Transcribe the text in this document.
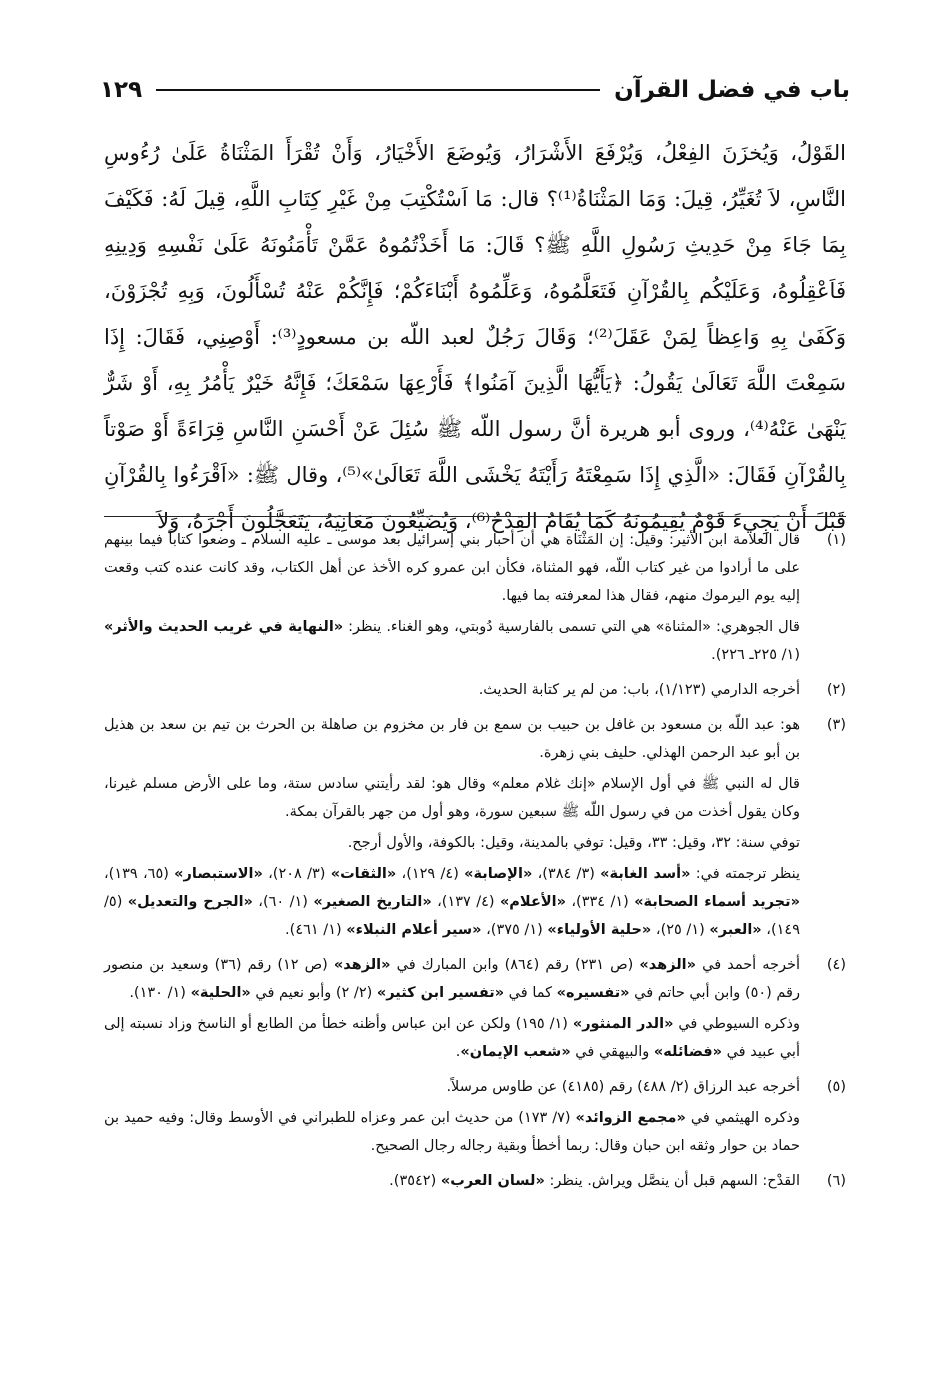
باب في فضل القرآن
١٢٩

القَوْلُ، وَيُخزَنَ الفِعْلُ، وَيُرْفَعَ الأَشْرَارُ، وَيُوضَعَ الأَخْيَارُ، وَأَنْ تُقْرَأَ المَثْنَاةُ عَلَىٰ رُءُوسِ النَّاسِ، لاَ تُغَيِّرُ، قِيلَ: وَمَا المَثْنَاةُ⁽¹⁾؟ قال: مَا اَسْتُكْتِبَ مِنْ غَيْرِ كِتَابِ اللَّهِ، قِيلَ لَهُ: فَكَيْفَ بِمَا جَاءَ مِنْ حَدِيثِ رَسُولِ اللَّهِ ﷺ؟ قَالَ: مَا أَخَذْتُمُوهُ عَمَّنْ تَأْمَنُونَهُ عَلَىٰ نَفْسِهِ وَدِينِهِ فَاَعْقِلُوهُ، وَعَلَيْكُم بِالقُرْآنِ فَتَعَلَّمُوهُ، وَعَلِّمُوهُ أَبْنَاءَكُمْ؛ فَإِنَّكُمْ عَنْهُ تُسْأَلُونَ، وَبِهِ تُجْزَوْنَ، وَكَفَىٰ بِهِ وَاعِظاً لِمَنْ عَقَلَ⁽²⁾؛ وَقَالَ رَجُلٌ لعبد اللّه بن مسعودٍ⁽³⁾: أَوْصِنِي، فَقَالَ: إِذَا سَمِعْتَ اللَّهَ تَعَالَىٰ يَقُولُ: ﴿يَأَيُّهَا الَّذِينَ آمَنُوا﴾ فَأَرْعِهَا سَمْعَكَ؛ فَإِنَّهُ خَيْرٌ يَأْمُرُ بِهِ، أَوْ شَرٌّ يَنْهَىٰ عَنْهُ⁽⁴⁾، وروى أبو هريرة أنَّ رسول اللّه ﷺ سُئِلَ عَنْ أَحْسَنِ النَّاسِ قِرَاءَةً أَوْ صَوْتاً بِالقُرْآنِ فَقَالَ: «الَّذِي إِذَا سَمِعْتَهُ رَأَيْتَهُ يَخْشَى اللَّهَ تَعَالَىٰ»⁽⁵⁾، وقال ﷺ: «اَقْرَءُوا بِالقُرْآنِ قَبْلَ أَنْ يَجِيءَ قَوْمٌ يُقِيمُونَهُ كَمَا يُقَامُ القِدْحُ⁽⁶⁾، وَيُضَيِّعُونَ مَعَانِيَهُ، يَتَعَجَّلُونَ أَجْرَهُ، وَلاَ

(١)

قال العلامة ابن الأثير: وقيل: إن المَثْنَاة هي أن أحبار بني إسرائيل بعد موسى ـ عليه السلام ـ وضعوا كتاباً فيما بينهم على ما أرادوا من غير كتاب اللّه، فهو المثناة، فكأن ابن عمرو كره الأخذ عن أهل الكتاب، وقد كانت عنده كتب وقعت إليه يوم اليرموك منهم، فقال هذا لمعرفته بما فيها.

قال الجوهري: «المثناة» هي التي تسمى بالفارسية دُوبتي، وهو الغناء. ينظر: «النهاية في غريب الحديث والأثر» (١/ ٢٢٥ـ ٢٢٦).

(٢)

أخرجه الدارمي (١/١٢٣)، باب: من لم ير كتابة الحديث.

(٣)

هو: عبد اللّه بن مسعود بن غافل بن حبيب بن سمع بن فار بن مخزوم بن صاهلة بن الحرث بن تيم بن سعد بن هذيل بن أبو عبد الرحمن الهذلي. حليف بني زهرة.

قال له النبي ﷺ في أول الإسلام «إنك غلام معلم» وقال هو: لقد رأيتني سادس ستة، وما على الأرض مسلم غيرنا، وكان يقول أخذت من في رسول اللّه ﷺ سبعين سورة، وهو أول من جهر بالقرآن بمكة.

توفي سنة: ٣٢، وقيل: ٣٣، وقيل: توفي بالمدينة، وقيل: بالكوفة، والأول أرجح.

ينظر ترجمته في: «أسد الغابة» (٣/ ٣٨٤)، «الإصابة» (٤/ ١٢٩)، «الثقات» (٣/ ٢٠٨)، «الاستبصار» (٦٥، ١٣٩)، «تجريد أسماء الصحابة» (١/ ٣٣٤)، «الأعلام» (٤/ ١٣٧)، «التاريخ الصغير» (١/ ٦٠)، «الجرح والتعديل» (٥/ ١٤٩)، «العبر» (١/ ٢٥)، «حلية الأولياء» (١/ ٣٧٥)، «سير أعلام النبلاء» (١/ ٤٦١).

(٤)

أخرجه أحمد في «الزهد» (ص ٢٣١) رقم (٨٦٤) وابن المبارك في «الزهد» (ص ١٢) رقم (٣٦) وسعيد بن منصور رقم (٥٠) وابن أبي حاتم في «تفسيره» كما في «تفسير ابن كثير» (٢/ ٢) وأبو نعيم في «الحلية» (١/ ١٣٠).

وذكره السيوطي في «الدر المنثور» (١/ ١٩٥) ولكن عن ابن عباس وأظنه خطأ من الطابع أو الناسخ وزاد نسبته إلى أبي عبيد في «فضائله» والبيهقي في «شعب الإيمان».

(٥)

أخرجه عبد الرزاق (٢/ ٤٨٨) رقم (٤١٨٥) عن طاوس مرسلاً.

وذكره الهيثمي في «مجمع الزوائد» (٧/ ١٧٣) من حديث ابن عمر وعزاه للطبراني في الأوسط وقال: وفيه حميد بن حماد بن حوار وثقه ابن حبان وقال: ربما أخطأ وبقية رجاله رجال الصحيح.

(٦)

القدْح: السهم قبل أن ينصَّل ويراش. ينظر: «لسان العرب» (٣٥٤٢).
